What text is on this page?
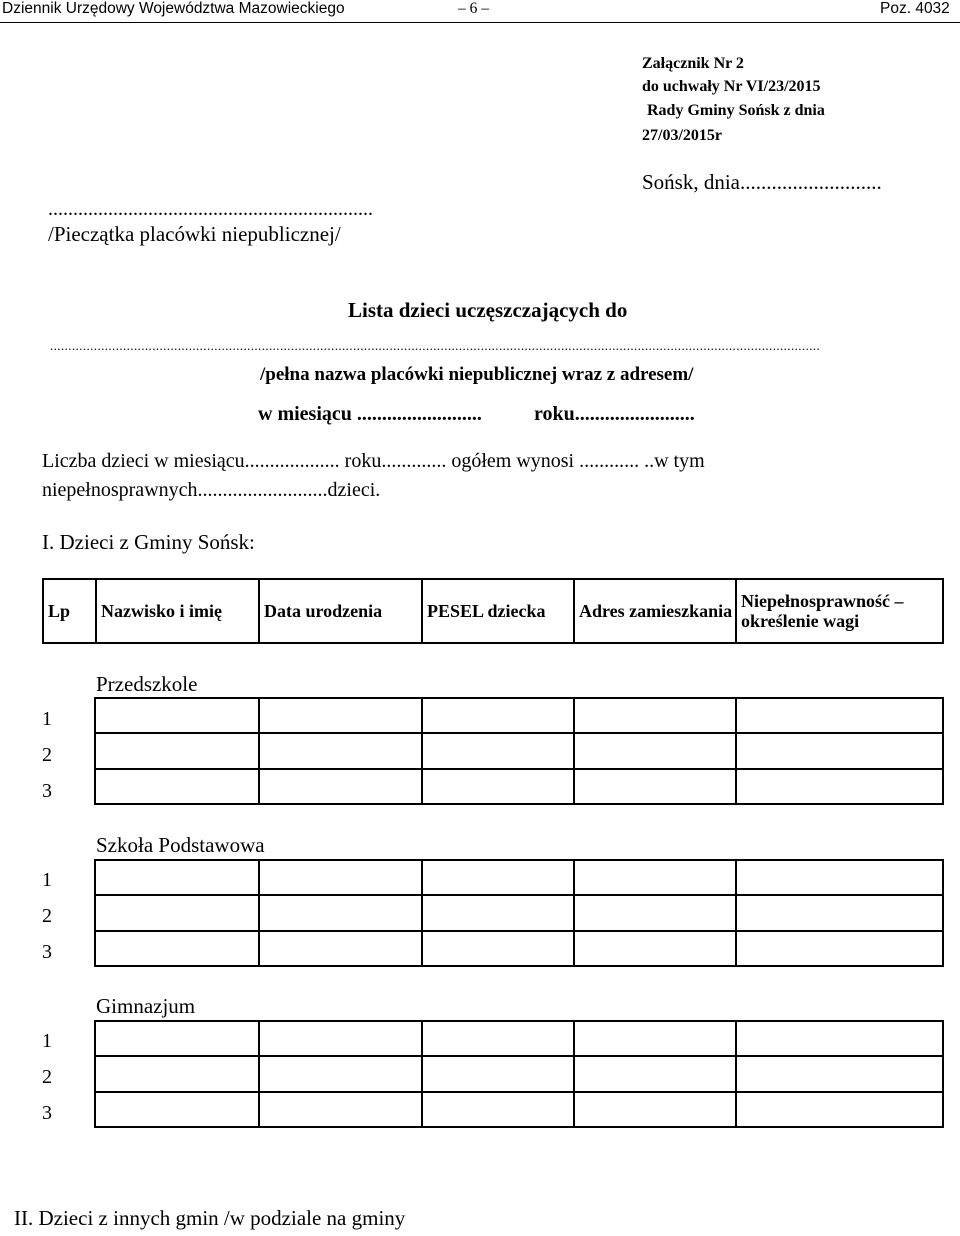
Dziennik Urzędowy Województwa Mazowieckiego	– 6 –	Poz. 4032
Załącznik Nr 2
do uchwały Nr VI/23/2015
Rady Gminy Sońsk z dnia
27/03/2015r
Sońsk, dnia...........................
.................................................................
/Pieczątka placówki niepublicznej/
Lista dzieci uczęszczających do
...................................................................................................................................................................................................................
/pełna nazwa placówki niepublicznej wraz z adresem/
w miesiącu .........................	roku........................
Liczba dzieci w miesiącu................... roku............. ogółem wynosi ............ ..w tym
niepełnosprawnych..........................dzieci.
I. Dzieci z Gminy Sońsk:
Lp	Nazwisko i imię	Data urodzenia	PESEL dziecka	Adres zamieszkania	Niepełnosprawność – określenie wagi
Przedszkole

1
2
3
Szkoła Podstawowa

1
2
3
Gimnazjum

1
2
3
II. Dzieci z innych gmin /w podziale na gminy
